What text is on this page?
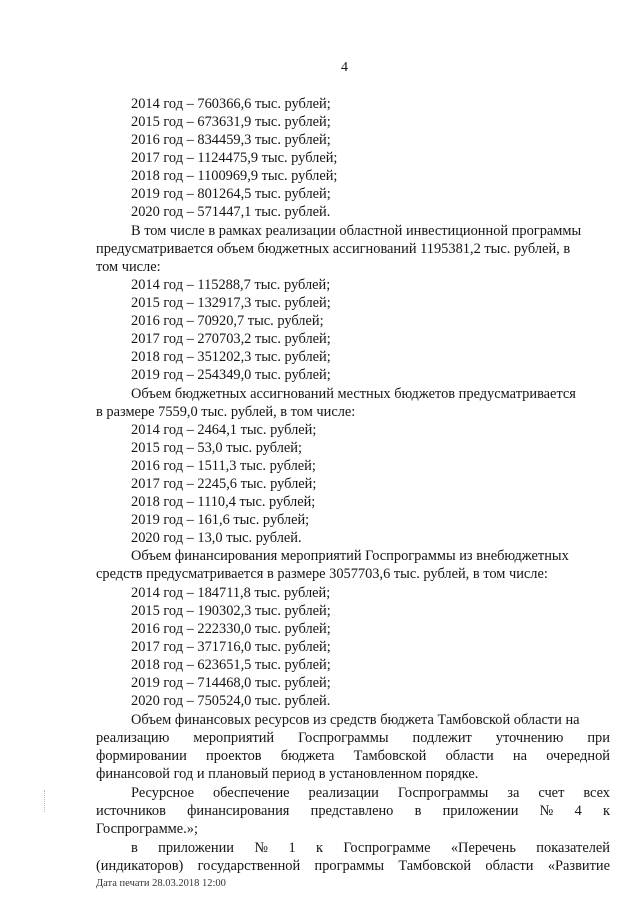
4
2014 год – 760366,6 тыс. рублей;
2015 год – 673631,9 тыс. рублей;
2016 год – 834459,3 тыс. рублей;
2017 год – 1124475,9 тыс. рублей;
2018 год – 1100969,9 тыс. рублей;
2019 год – 801264,5 тыс. рублей;
2020 год – 571447,1 тыс. рублей.
В том числе в рамках реализации областной инвестиционной программы
предусматривается объем бюджетных ассигнований 1195381,2 тыс. рублей, в
том числе:
2014 год – 115288,7 тыс. рублей;
2015 год – 132917,3 тыс. рублей;
2016 год – 70920,7 тыс. рублей;
2017 год – 270703,2 тыс. рублей;
2018 год – 351202,3 тыс. рублей;
2019 год – 254349,0 тыс. рублей;
Объем бюджетных ассигнований местных бюджетов предусматривается
в размере 7559,0 тыс. рублей, в том числе:
2014 год – 2464,1 тыс. рублей;
2015 год – 53,0 тыс. рублей;
2016 год – 1511,3 тыс. рублей;
2017 год – 2245,6 тыс. рублей;
2018 год – 1110,4 тыс. рублей;
2019 год – 161,6 тыс. рублей;
2020 год – 13,0 тыс. рублей.
Объем финансирования мероприятий Госпрограммы из внебюджетных
средств предусматривается в размере 3057703,6 тыс. рублей, в том числе:
2014 год – 184711,8 тыс. рублей;
2015 год – 190302,3 тыс. рублей;
2016 год – 222330,0 тыс. рублей;
2017 год – 371716,0 тыс. рублей;
2018 год – 623651,5 тыс. рублей;
2019 год – 714468,0 тыс. рублей;
2020 год – 750524,0 тыс. рублей.
Объем финансовых ресурсов из средств бюджета Тамбовской области на
реализацию мероприятий Госпрограммы подлежит уточнению при
формировании проектов бюджета Тамбовской области на очередной
финансовой год и плановый период в установленном порядке.
Ресурсное обеспечение реализации Госпрограммы за счет всех
источников финансирования представлено в приложении № 4 к
Госпрограмме.»;
в приложении № 1 к Госпрограмме «Перечень показателей
(индикаторов) государственной программы Тамбовской области «Развитие
Дата печати 28.03.2018 12:00
